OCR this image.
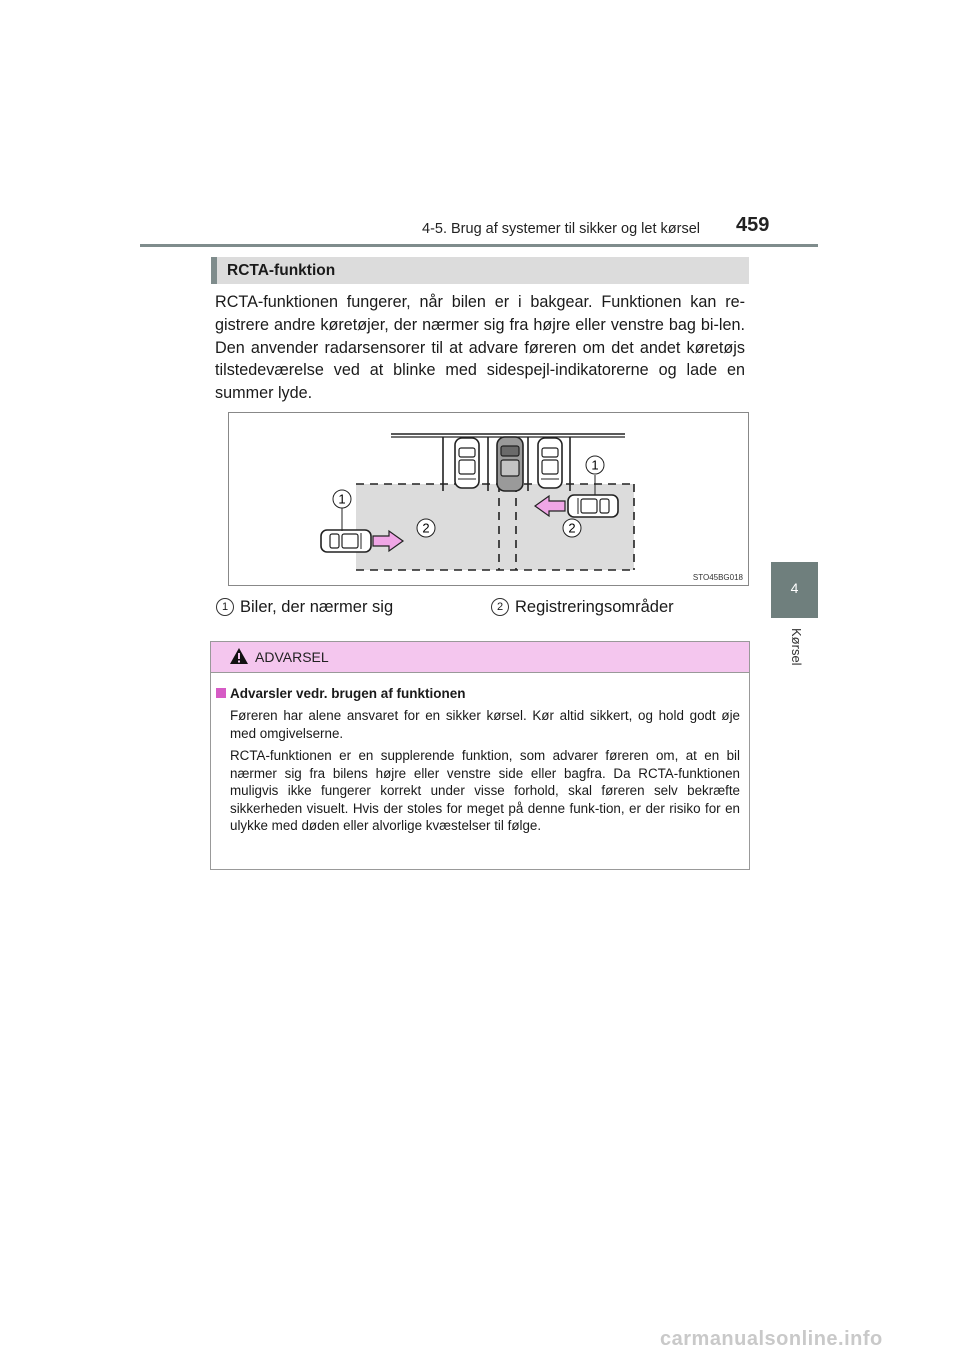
4-5. Brug af systemer til sikker og let kørsel 459
4
Kørsel
RCTA-funktion

RCTA-funktionen fungerer, når bilen er i bakgear. Funktionen kan re-gistrere andre køretøjer, der nærmer sig fra højre eller venstre bag bi-len. Den anvender radarsensorer til at advare føreren om det andet køretøjs tilstedeværelse ved at blinke med sidespejl-indikatorerne og lade en summer lyde.

1
2
1
2
STO45BG018
1 Biler, der nærmer sig	2 Registreringsområder
ADVARSEL
Advarsler vedr. brugen af funktionen

Føreren har alene ansvaret for en sikker kørsel. Kør altid sikkert, og hold godt øje med omgivelserne.

RCTA-funktionen er en supplerende funktion, som advarer føreren om, at en bil nærmer sig fra bilens højre eller venstre side eller bagfra. Da RCTA-funktionen muligvis ikke fungerer korrekt under visse forhold, skal føreren selv bekræfte sikkerheden visuelt. Hvis der stoles for meget på denne funk-tion, er der risiko for en ulykke med døden eller alvorlige kvæstelser til følge.

carmanualsonline.info
